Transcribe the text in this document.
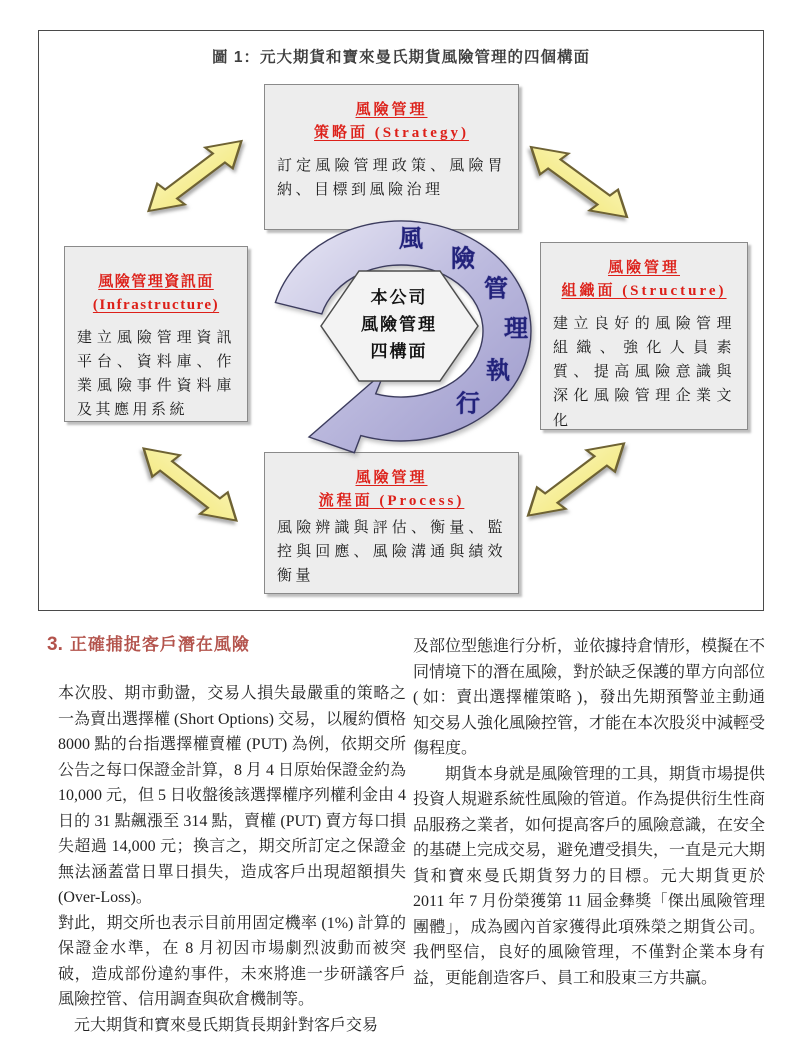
圖 1：元大期貨和寶來曼氏期貨風險管理的四個構面
風險管理
策略面 (Strategy)
訂定風險管理政策、風險胃納、目標到風險治理
風險管理資訊面
(Infrastructure)
建立風險管理資訊平台、資料庫、作業風險事件資料庫及其應用系統
風險管理
組織面 (Structure)
建立良好的風險管理組織、強化人員素質、提高風險意識與深化風險管理企業文化
風險管理
流程面 (Process)
風險辨識與評估、衡量、監控與回應、風險溝通與績效衡量
本公司
風險管理
四構面
風
險
管
理
執
行
3. 正確捕捉客戶潛在風險

本次股、期市動盪，交易人損失最嚴重的策略之一為賣出選擇權 (Short Options) 交易，以履約價格 8000 點的台指選擇權賣權 (PUT) 為例，依期交所公告之每口保證金計算，8 月 4 日原始保證金約為 10,000 元，但 5 日收盤後該選擇權序列權利金由 4 日的 31 點飆漲至 314 點，賣權 (PUT) 賣方每口損失超過 14,000 元；換言之，期交所訂定之保證金無法涵蓋當日單日損失，造成客戶出現超額損失 (Over-Loss)。

對此，期交所也表示目前用固定機率 (1%) 計算的保證金水準，在 8 月初因市場劇烈波動而被突破，造成部份違約事件，未來將進一步研議客戶風險控管、信用調查與砍倉機制等。

元大期貨和寶來曼氏期貨長期針對客戶交易

及部位型態進行分析，並依據持倉情形，模擬在不同情境下的潛在風險，對於缺乏保護的單方向部位 ( 如：賣出選擇權策略 )，發出先期預警並主動通知交易人強化風險控管，才能在本次股災中減輕受傷程度。

期貨本身就是風險管理的工具，期貨市場提供投資人規避系統性風險的管道。作為提供衍生性商品服務之業者，如何提高客戶的風險意識，在安全的基礎上完成交易，避免遭受損失，一直是元大期貨和寶來曼氏期貨努力的目標。元大期貨更於 2011 年 7 月份榮獲第 11 屆金彝獎「傑出風險管理團體」，成為國內首家獲得此項殊榮之期貨公司。我們堅信，良好的風險管理，不僅對企業本身有益，更能創造客戶、員工和股東三方共贏。
